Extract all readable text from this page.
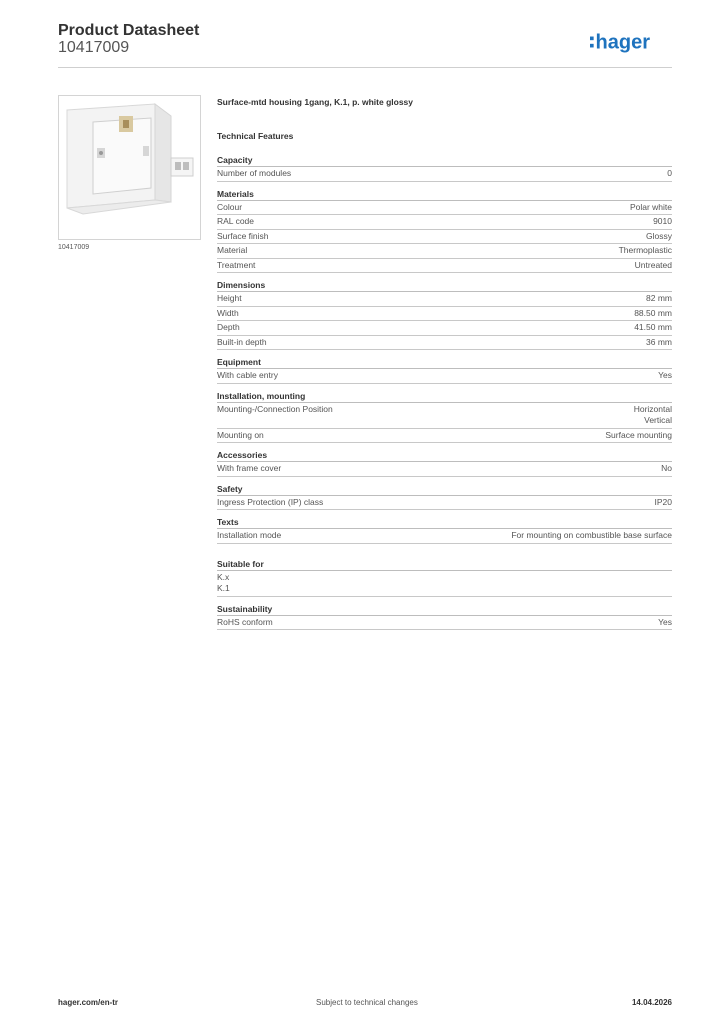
Product Datasheet
10417009	hager
10417009
Surface-mtd housing 1gang, K.1, p. white glossy
Technical Features
Capacity
Number of modules	0
Materials
Colour	Polar white
RAL code	9010
Surface finish	Glossy
Material	Thermoplastic
Treatment	Untreated
Dimensions
Height	82 mm
Width	88.50 mm
Depth	41.50 mm
Built-in depth	36 mm
Equipment
With cable entry	Yes
Installation, mounting
Mounting-/Connection Position	Horizontal
Vertical
Mounting on	Surface mounting
Accessories
With frame cover	No
Safety
Ingress Protection (IP) class	IP20
Texts
Installation mode	For mounting on combustible base surface
Suitable for
K.x
K.1
Sustainability
RoHS conform	Yes
hager.com/en-tr	Subject to technical changes	14.04.2026
